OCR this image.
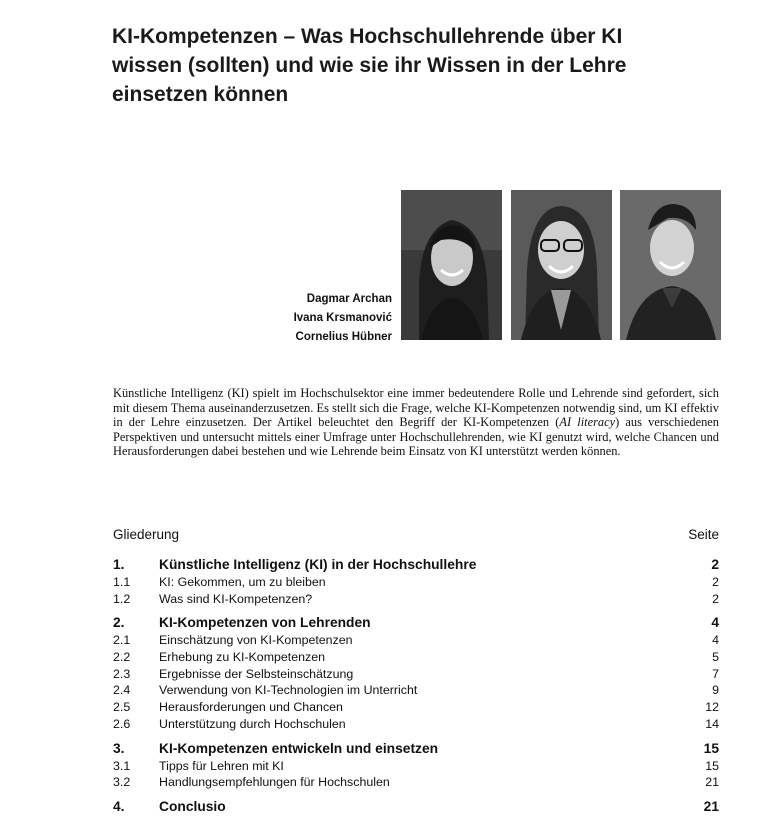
KI-Kompetenzen – Was Hochschullehrende über KI
wissen (sollten) und wie sie ihr Wissen in der Lehre
einsetzen können
Dagmar Archan
Ivana Krsmanović
Cornelius Hübner

Künstliche Intelligenz (KI) spielt im Hochschulsektor eine immer bedeutendere Rolle und Lehrende sind gefordert, sich mit diesem Thema auseinanderzusetzen. Es stellt sich die Frage, welche KI-Kompetenzen notwendig sind, um KI effektiv in der Lehre einzusetzen. Der Artikel beleuchtet den Begriff der KI-Kompetenzen (AI literacy) aus verschiedenen Perspektiven und untersucht mittels einer Umfrage unter Hochschullehrenden, wie KI genutzt wird, welche Chancen und Herausforderungen dabei bestehen und wie Lehrende beim Einsatz von KI unterstützt werden können.

Gliederung	Seite
1.	Künstliche Intelligenz (KI) in der Hochschullehre	2
1.1	KI: Gekommen, um zu bleiben	2
1.2	Was sind KI-Kompetenzen?	2
2.	KI-Kompetenzen von Lehrenden	4
2.1	Einschätzung von KI-Kompetenzen	4
2.2	Erhebung zu KI-Kompetenzen	5
2.3	Ergebnisse der Selbsteinschätzung	7
2.4	Verwendung von KI-Technologien im Unterricht	9
2.5	Herausforderungen und Chancen	12
2.6	Unterstützung durch Hochschulen	14
3.	KI-Kompetenzen entwickeln und einsetzen	15
3.1	Tipps für Lehren mit KI	15
3.2	Handlungsempfehlungen für Hochschulen	21
4.	Conclusio	21
